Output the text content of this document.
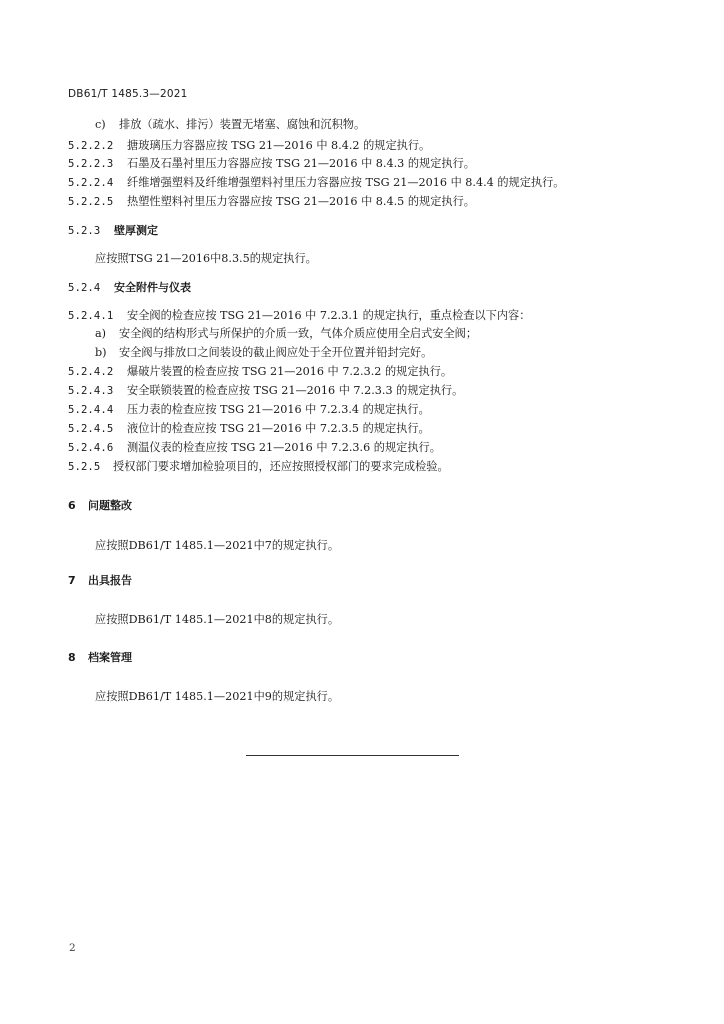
DB61/T 1485.3—2021
c) 排放（疏水、排污）装置无堵塞、腐蚀和沉积物。
5.2.2.2	搪玻璃压力容器应按 TSG 21—2016 中 8.4.2 的规定执行。
5.2.2.3	石墨及石墨衬里压力容器应按 TSG 21—2016 中 8.4.3 的规定执行。
5.2.2.4	纤维增强塑料及纤维增强塑料衬里压力容器应按 TSG 21—2016 中 8.4.4 的规定执行。
5.2.2.5	热塑性塑料衬里压力容器应按 TSG 21—2016 中 8.4.5 的规定执行。
5.2.3	壁厚测定
应按照TSG 21—2016中8.3.5的规定执行。
5.2.4	安全附件与仪表
5.2.4.1	安全阀的检查应按 TSG 21—2016 中 7.2.3.1 的规定执行，重点检查以下内容：
a) 安全阀的结构形式与所保护的介质一致，气体介质应使用全启式安全阀；
b) 安全阀与排放口之间装设的截止阀应处于全开位置并铅封完好。
5.2.4.2	爆破片装置的检查应按 TSG 21—2016 中 7.2.3.2 的规定执行。
5.2.4.3	安全联锁装置的检查应按 TSG 21—2016 中 7.2.3.3 的规定执行。
5.2.4.4	压力表的检查应按 TSG 21—2016 中 7.2.3.4 的规定执行。
5.2.4.5	液位计的检查应按 TSG 21—2016 中 7.2.3.5 的规定执行。
5.2.4.6	测温仪表的检查应按 TSG 21—2016 中 7.2.3.6 的规定执行。
5.2.5	授权部门要求增加检验项目的，还应按照授权部门的要求完成检验。
6	问题整改
应按照DB61/T 1485.1—2021中7的规定执行。
7	出具报告
应按照DB61/T 1485.1—2021中8的规定执行。
8	档案管理
应按照DB61/T 1485.1—2021中9的规定执行。
2
